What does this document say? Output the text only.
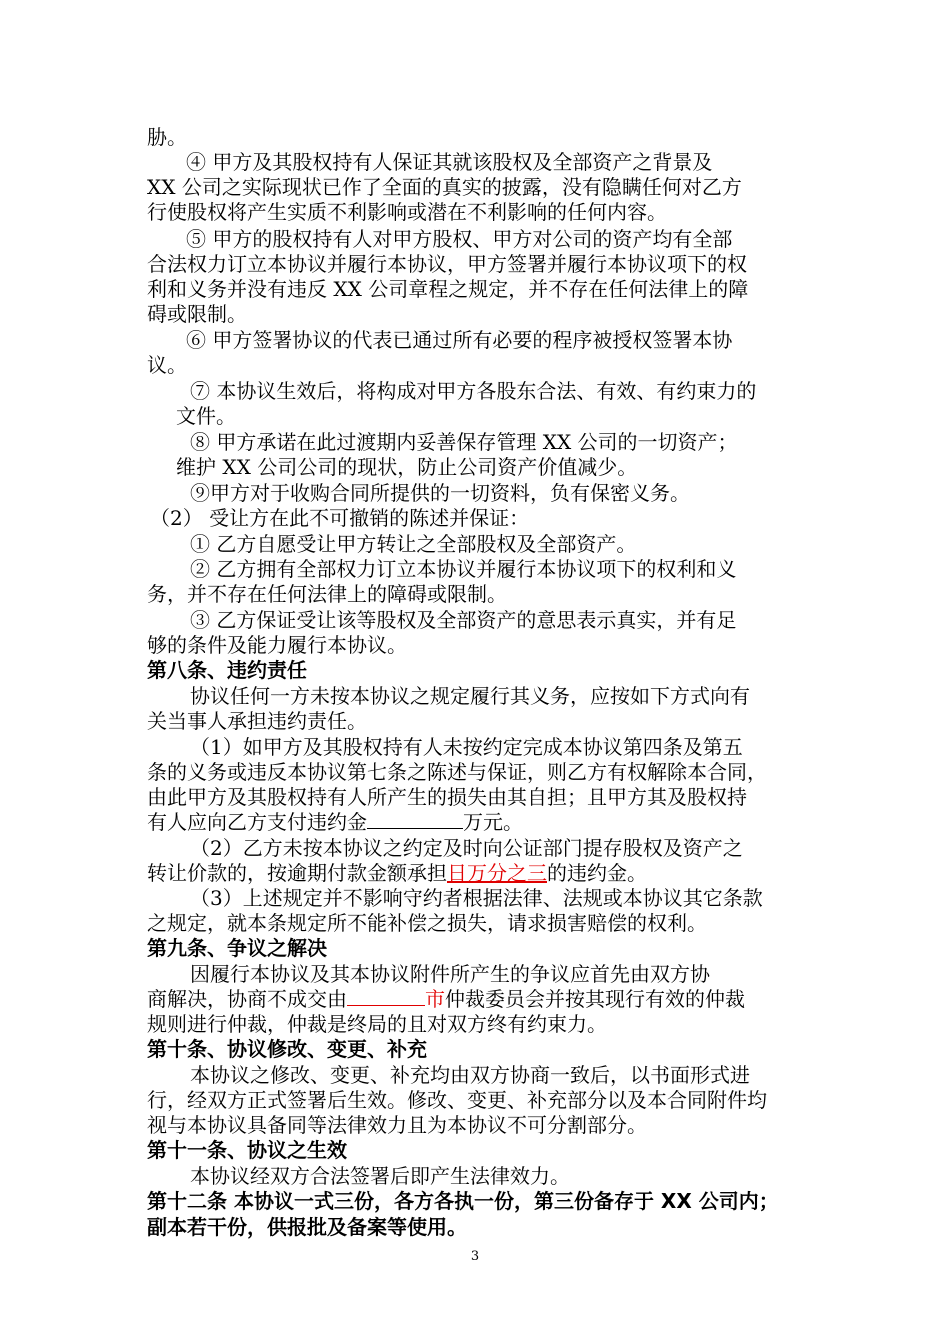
胁。
④ 甲方及其股权持有人保证其就该股权及全部资产之背景及
XX 公司之实际现状已作了全面的真实的披露，没有隐瞒任何对乙方
行使股权将产生实质不利影响或潜在不利影响的任何内容。
⑤ 甲方的股权持有人对甲方股权、甲方对公司的资产均有全部
合法权力订立本协议并履行本协议，甲方签署并履行本协议项下的权
利和义务并没有违反 XX 公司章程之规定，并不存在任何法律上的障
碍或限制。
⑥ 甲方签署协议的代表已通过所有必要的程序被授权签署本协
议。
⑦ 本协议生效后，将构成对甲方各股东合法、有效、有约束力的
文件。
⑧ 甲方承诺在此过渡期内妥善保存管理 XX 公司的一切资产；
维护 XX 公司公司的现状，防止公司资产价值减少。
⑨甲方对于收购合同所提供的一切资料，负有保密义务。
（2） 受让方在此不可撤销的陈述并保证：
① 乙方自愿受让甲方转让之全部股权及全部资产。
② 乙方拥有全部权力订立本协议并履行本协议项下的权利和义
务，并不存在任何法律上的障碍或限制。
③ 乙方保证受让该等股权及全部资产的意思表示真实，并有足
够的条件及能力履行本协议。
第八条、违约责任
协议任何一方未按本协议之规定履行其义务，应按如下方式向有
关当事人承担违约责任。
（1）如甲方及其股权持有人未按约定完成本协议第四条及第五
条的义务或违反本协议第七条之陈述与保证，则乙方有权解除本合同，
由此甲方及其股权持有人所产生的损失由其自担；且甲方其及股权持
有人应向乙方支付违约金	万元。
（2）乙方未按本协议之约定及时向公证部门提存股权及资产之
转让价款的，按逾期付款金额承担日万分之三的违约金。
（3）上述规定并不影响守约者根据法律、法规或本协议其它条款
之规定，就本条规定所不能补偿之损失，请求损害赔偿的权利。
第九条、争议之解决
因履行本协议及其本协议附件所产生的争议应首先由双方协
商解决，协商不成交由	市仲裁委员会并按其现行有效的仲裁
规则进行仲裁，仲裁是终局的且对双方终有约束力。
第十条、协议修改、变更、补充
本协议之修改、变更、补充均由双方协商一致后，以书面形式进
行，经双方正式签署后生效。修改、变更、补充部分以及本合同附件均
视与本协议具备同等法律效力且为本协议不可分割部分。
第十一条、协议之生效
本协议经双方合法签署后即产生法律效力。
第十二条 本协议一式三份，各方各执一份，第三份备存于 XX 公司内；
副本若干份，供报批及备案等使用。
3
